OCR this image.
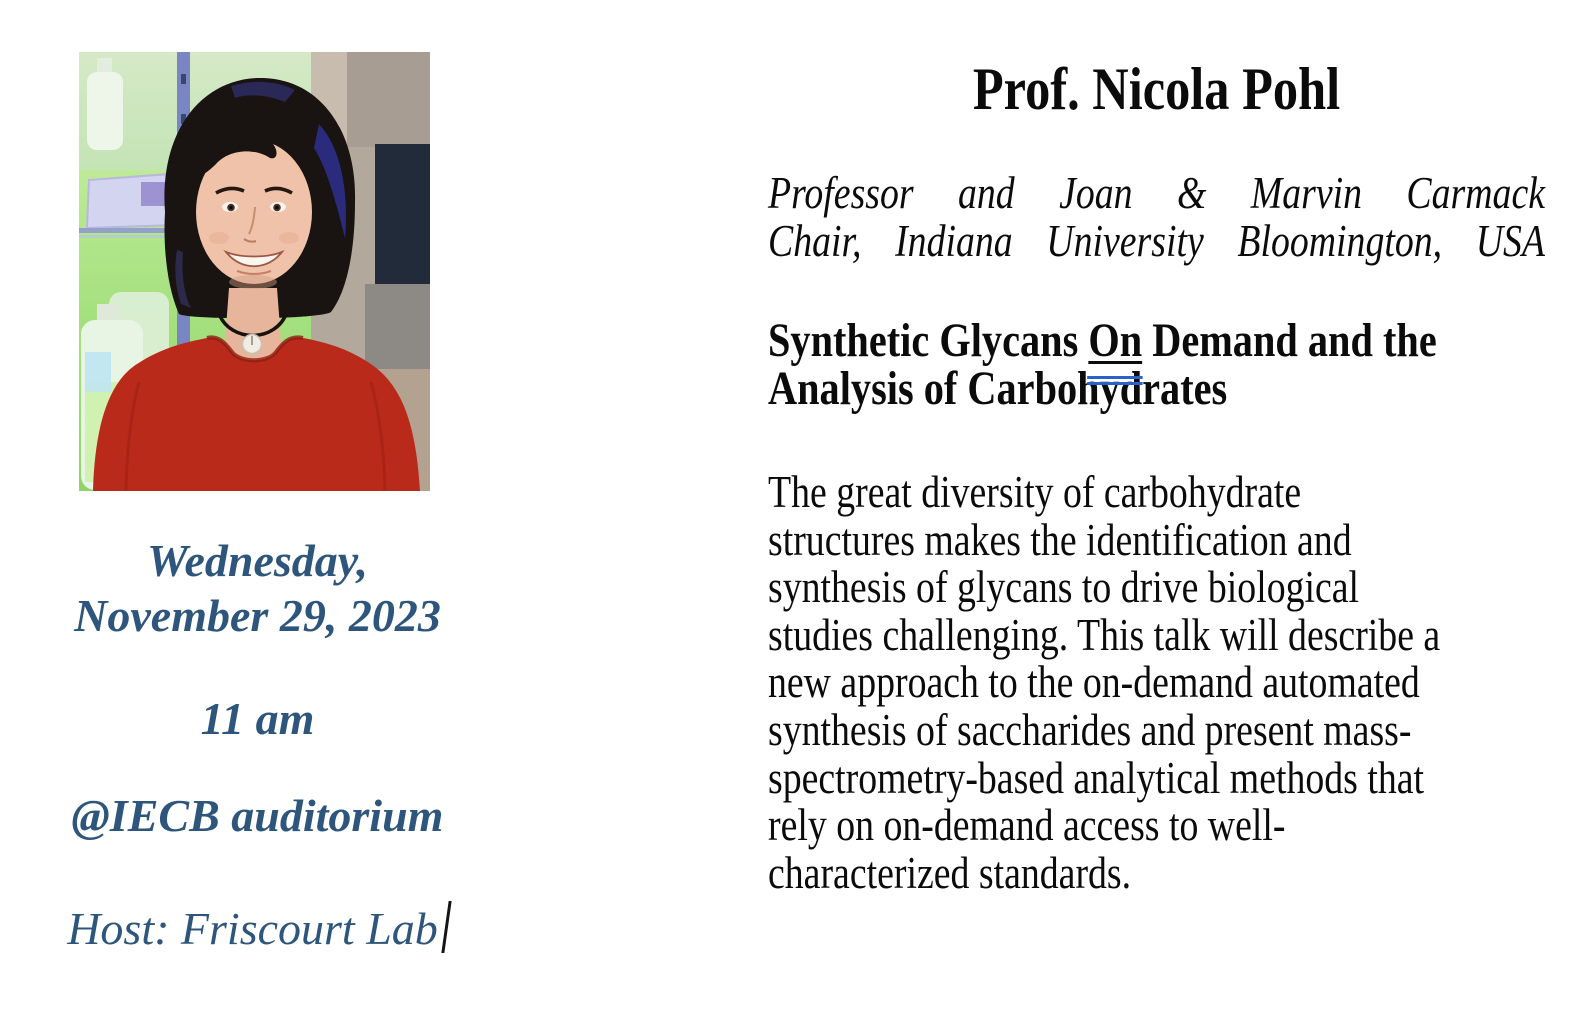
Wednesday,
November 29, 2023

11 am

@IECB auditorium

Host: Friscourt Lab

Prof. Nicola Pohl

Professor and Joan & Marvin Carmack
Chair, Indiana University Bloomington, USA

Synthetic Glycans On Demand and the
Analysis of Carbohydrates

The great diversity of carbohydrate
structures makes the identification and
synthesis of glycans to drive biological
studies challenging. This talk will describe a
new approach to the on-demand automated
synthesis of saccharides and present mass-
spectrometry-based analytical methods that
rely on on-demand access to well-
characterized standards.
